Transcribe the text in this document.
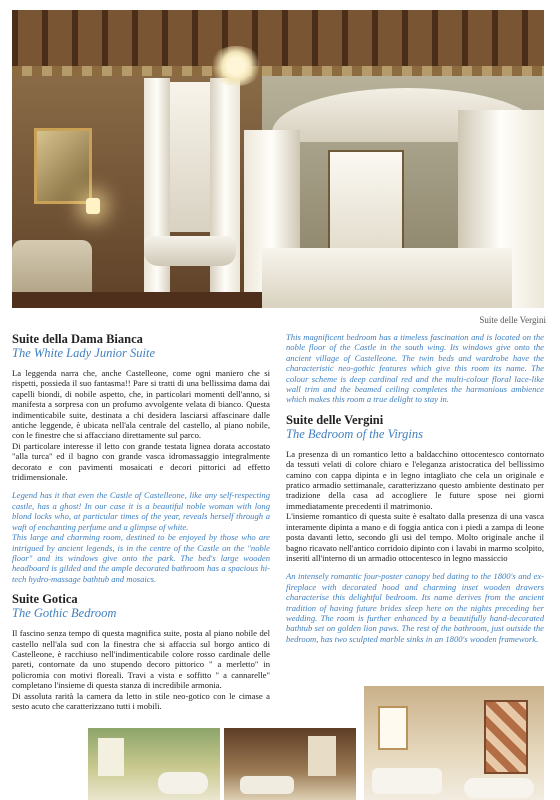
Suite delle Vergini
Suite della Dama Bianca
The White Lady Junior Suite

La leggenda narra che, anche Castelleone, come ogni maniero che si rispetti, possieda il suo fantasma!! Pare si tratti di una bellissima dama dai capelli biondi, di nobile aspetto, che, in particolari momenti dell'anno, si manifesta a sorpresa con un profumo avvolgente velata di bianco. Questa indimenticabile suite, destinata a chi desidera lasciarsi affascinare dalle antiche leggende, è ubicata nell'ala centrale del castello, al piano nobile, con le finestre che si affacciano direttamente sul parco.

Di particolare interesse il letto con grande testata lignea dorata accostato "alla turca" ed il bagno con grande vasca idromassaggio integralmente decorato e con pavimenti mosaicati e decori pittorici ad effetto tridimensionale.

Legend has it that even the Castle of Castelleone, like any self-respecting castle, has a ghost! In our case it is a beautiful noble woman with long blond locks who, at particular times of the year, reveals herself through a waft of enchanting perfume and a glimpse of white.

This large and charming room, destined to be enjoyed by those who are intrigued by ancient legends, is in the centre of the Castle on the "noble floor" and its windows give onto the park. The bed's large wooden headboard is gilded and the ample decorated bathroom has a spacious hi-tech hydro-massage bathtub and mosaics.

Suite Gotica
The Gothic Bedroom

Il fascino senza tempo di questa magnifica suite, posta al piano nobile del castello nell'ala sud con la finestra che si affaccia sul borgo antico di Castelleone, è racchiuso nell'indimenticabile colore rosso cardinale delle pareti, contornate da uno stupendo decoro pittorico " a merletto" in policromia con motivi floreali. Travi a vista e soffitto " a cannarelle" completano l'insieme di questa stanza di incredibile armonia.

Di assoluta rarità la camera da letto in stile neo-gotico con le cimase a sesto acuto che caratterizzano tutti i mobili.

This magnificent bedroom has a timeless fascination and is located on the noble floor of the Castle in the south wing. Its windows give onto the ancient village of Castelleone. The twin beds and wardrobe have the characteristic neo-gothic features which give this room its name. The colour scheme is deep cardinal red and the multi-colour floral lace-like wall trim and the beamed ceiling completes the harmonious ambience which makes this room a true delight to stay in.

Suite delle Vergini
The Bedroom of the Virgins

La presenza di un romantico letto a baldacchino ottocentesco contornato da tessuti velati di colore chiaro e l'eleganza aristocratica del bellissimo camino con cappa dipinta e in legno intagliato che cela un originale e pratico armadio settimanale, caratterizzano questo ambiente destinato per tradizione della casa ad accogliere le future spose nei giorni immediatamente precedenti il matrimonio.

L'insieme romantico di questa suite è esaltato dalla presenza di una vasca interamente dipinta a mano e di foggia antica con i piedi a zampa di leone posta davanti letto, secondo gli usi del tempo. Molto originale anche il bagno ricavato nell'antico corridoio dipinto con i lavabi in marmo scolpito, inseriti all'interno di un armadio ottocentesco in legno massiccio

An intensely romantic four-poster canopy bed dating to the 1800's and ex-fireplace with decorated hood and charming inset wooden drawers characterise this delightful bedroom. Its name derives from the ancient tradition of having future brides sleep here on the nights preceding her wedding. The room is further enhanced by a beautifully hand-decorated bathtub set on golden lion paws. The rest of the bathroom, just outside the bedroom, has two sculpted marble sinks in an 1800's wooden framework.
